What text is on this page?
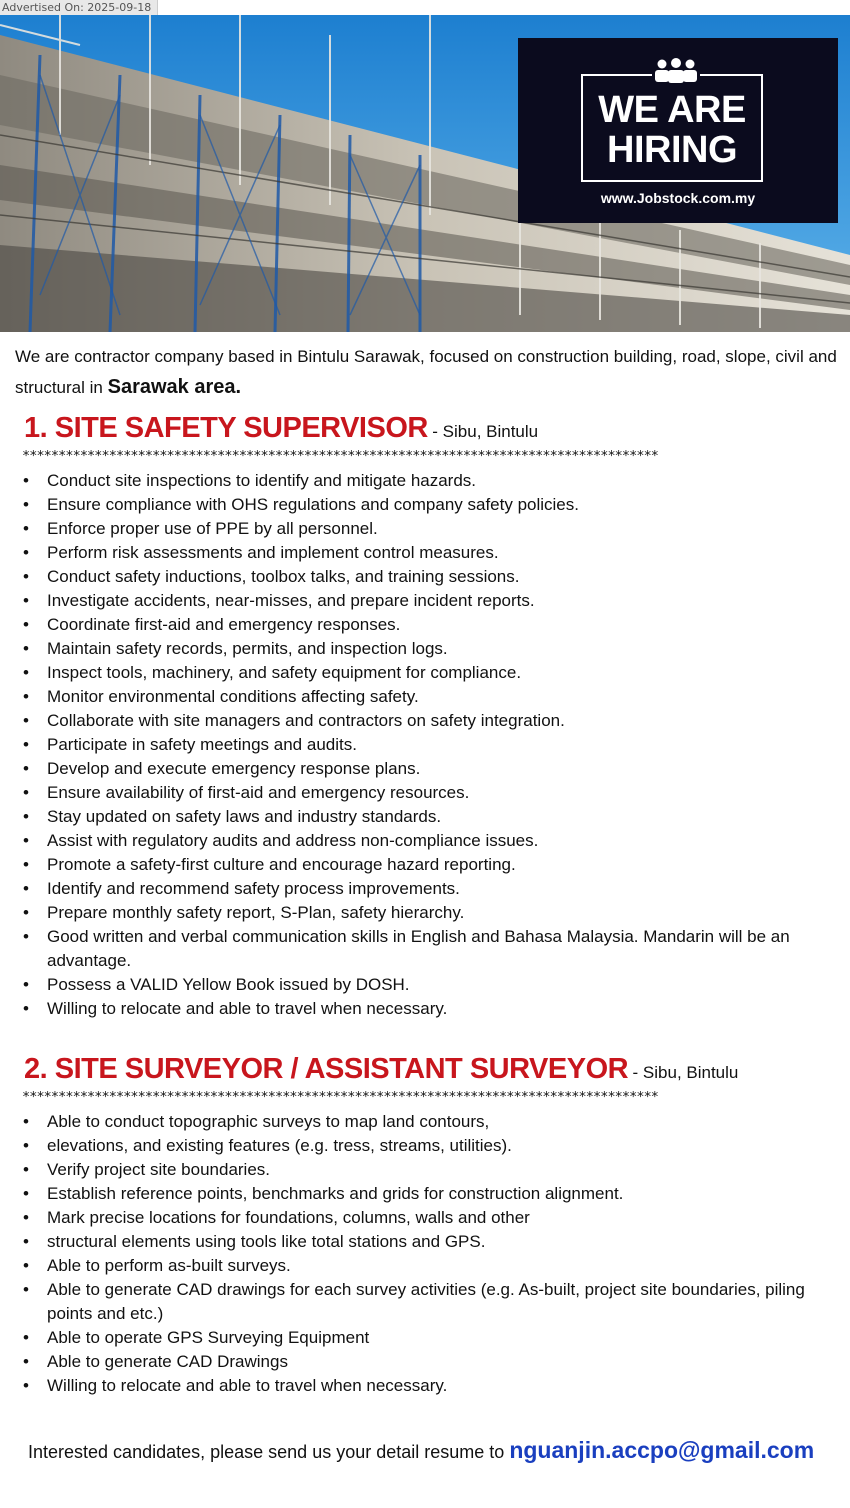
Advertised On: 2025-09-18
WE ARE HIRING
www.Jobstock.com.my
We are contractor company based in Bintulu Sarawak, focused on construction building, road, slope, civil and structural in Sarawak area.
1. SITE SAFETY SUPERVISOR - Sibu, Bintulu
****************************************************************************************
• Conduct site inspections to identify and mitigate hazards.
• Ensure compliance with OHS regulations and company safety policies.
• Enforce proper use of PPE by all personnel.
• Perform risk assessments and implement control measures.
• Conduct safety inductions, toolbox talks, and training sessions.
• Investigate accidents, near-misses, and prepare incident reports.
• Coordinate first-aid and emergency responses.
• Maintain safety records, permits, and inspection logs.
• Inspect tools, machinery, and safety equipment for compliance.
• Monitor environmental conditions affecting safety.
• Collaborate with site managers and contractors on safety integration.
• Participate in safety meetings and audits.
• Develop and execute emergency response plans.
• Ensure availability of first-aid and emergency resources.
• Stay updated on safety laws and industry standards.
• Assist with regulatory audits and address non-compliance issues.
• Promote a safety-first culture and encourage hazard reporting.
• Identify and recommend safety process improvements.
• Prepare monthly safety report, S-Plan, safety hierarchy.
• Good written and verbal communication skills in English and Bahasa Malaysia. Mandarin will be an advantage.
• Possess a VALID Yellow Book issued by DOSH.
• Willing to relocate and able to travel when necessary.
2. SITE SURVEYOR / ASSISTANT SURVEYOR - Sibu, Bintulu
****************************************************************************************
• Able to conduct topographic surveys to map land contours,
• elevations, and existing features (e.g. tress, streams, utilities).
• Verify project site boundaries.
• Establish reference points, benchmarks and grids for construction alignment.
• Mark precise locations for foundations, columns, walls and other
• structural elements using tools like total stations and GPS.
• Able to perform as-built surveys.
• Able to generate CAD drawings for each survey activities (e.g. As-built, project site boundaries, piling points and etc.)
• Able to operate GPS Surveying Equipment
• Able to generate CAD Drawings
• Willing to relocate and able to travel when necessary.
Interested candidates, please send us your detail resume to nguanjin.accpo@gmail.com
